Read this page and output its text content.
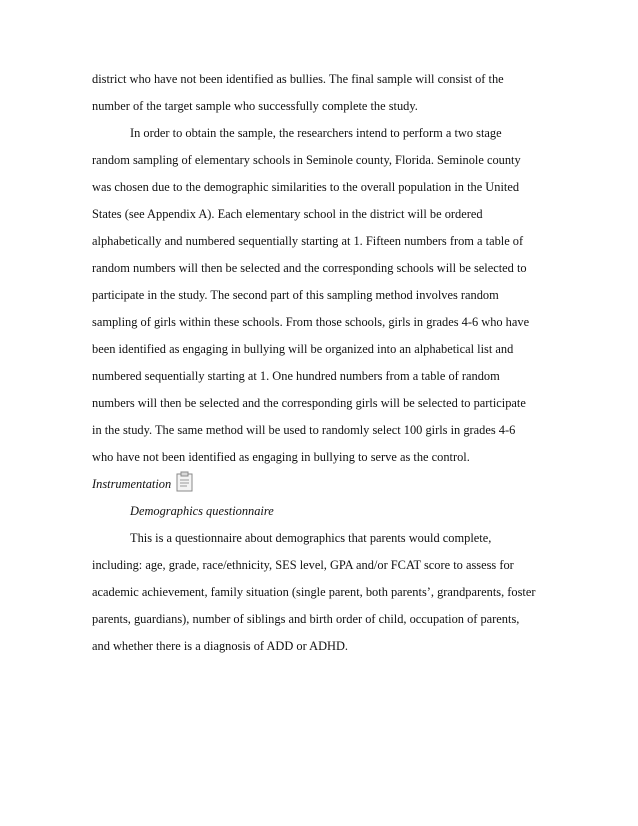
district who have not been identified as bullies. The final sample will consist of the
number of the target sample who successfully complete the study.
In order to obtain the sample, the researchers intend to perform a two stage
random sampling of elementary schools in Seminole county, Florida. Seminole county
was chosen due to the demographic similarities to the overall population in the United
States (see Appendix A). Each elementary school in the district will be ordered
alphabetically and numbered sequentially starting at 1. Fifteen numbers from a table of
random numbers will then be selected and the corresponding schools will be selected to
participate in the study. The second part of this sampling method involves random
sampling of girls within these schools. From those schools, girls in grades 4-6 who have
been identified as engaging in bullying will be organized into an alphabetical list and
numbered sequentially starting at 1. One hundred numbers from a table of random
numbers will then be selected and the corresponding girls will be selected to participate
in the study. The same method will be used to randomly select 100 girls in grades 4-6
who have not been identified as engaging in bullying to serve as the control.
Instrumentation
Demographics questionnaire
This is a questionnaire about demographics that parents would complete,
including: age, grade, race/ethnicity, SES level, GPA and/or FCAT score to assess for
academic achievement, family situation (single parent, both parents’, grandparents, foster
parents, guardians), number of siblings and birth order of child, occupation of parents,
and whether there is a diagnosis of ADD or ADHD.
